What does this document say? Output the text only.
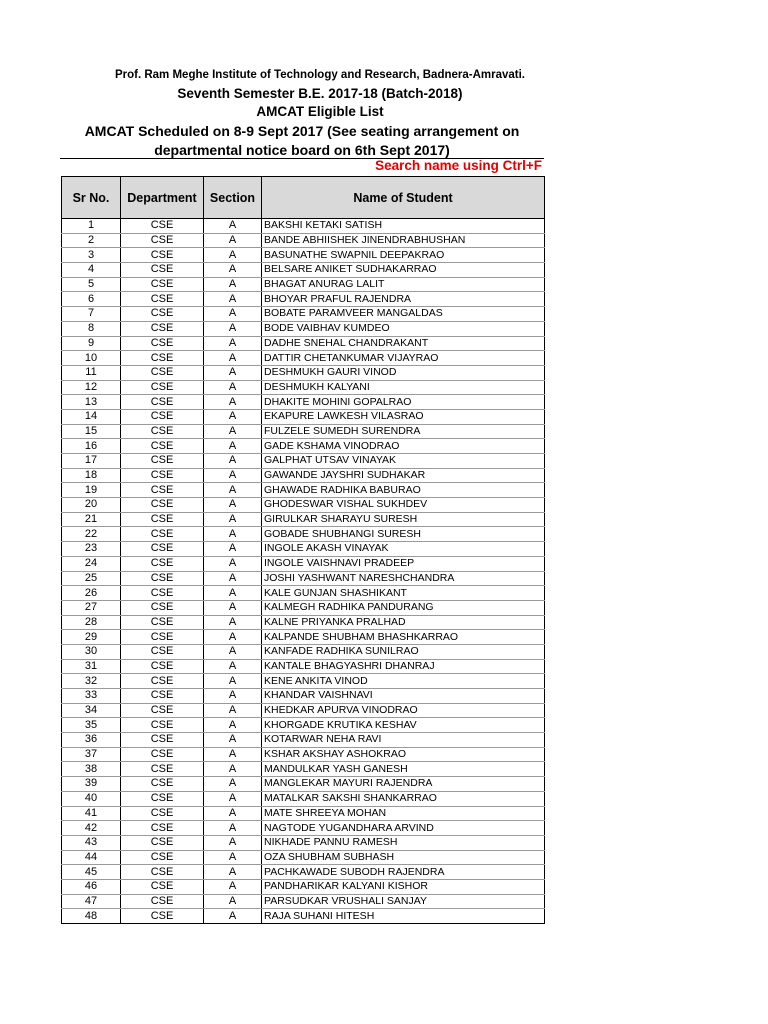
Prof. Ram Meghe Institute of Technology and Research, Badnera-Amravati.
Seventh Semester B.E. 2017-18 (Batch-2018)
AMCAT Eligible List
AMCAT Scheduled on 8-9 Sept 2017 (See seating arrangement on
departmental notice board on 6th Sept 2017)
Search name using Ctrl+F
Sr No.	Department	Section	Name of Student
1	CSE	A	BAKSHI KETAKI SATISH
2	CSE	A	BANDE ABHIISHEK JINENDRABHUSHAN
3	CSE	A	BASUNATHE SWAPNIL DEEPAKRAO
4	CSE	A	BELSARE ANIKET SUDHAKARRAO
5	CSE	A	BHAGAT ANURAG LALIT
6	CSE	A	BHOYAR PRAFUL RAJENDRA
7	CSE	A	BOBATE PARAMVEER MANGALDAS
8	CSE	A	BODE VAIBHAV KUMDEO
9	CSE	A	DADHE SNEHAL CHANDRAKANT
10	CSE	A	DATTIR CHETANKUMAR VIJAYRAO
11	CSE	A	DESHMUKH GAURI VINOD
12	CSE	A	DESHMUKH KALYANI
13	CSE	A	DHAKITE MOHINI GOPALRAO
14	CSE	A	EKAPURE LAWKESH VILASRAO
15	CSE	A	FULZELE SUMEDH SURENDRA
16	CSE	A	GADE KSHAMA VINODRAO
17	CSE	A	GALPHAT UTSAV VINAYAK
18	CSE	A	GAWANDE JAYSHRI SUDHAKAR
19	CSE	A	GHAWADE RADHIKA BABURAO
20	CSE	A	GHODESWAR VISHAL SUKHDEV
21	CSE	A	GIRULKAR SHARAYU SURESH
22	CSE	A	GOBADE SHUBHANGI SURESH
23	CSE	A	INGOLE AKASH VINAYAK
24	CSE	A	INGOLE VAISHNAVI PRADEEP
25	CSE	A	JOSHI YASHWANT NARESHCHANDRA
26	CSE	A	KALE GUNJAN SHASHIKANT
27	CSE	A	KALMEGH RADHIKA PANDURANG
28	CSE	A	KALNE PRIYANKA PRALHAD
29	CSE	A	KALPANDE SHUBHAM BHASHKARRAO
30	CSE	A	KANFADE RADHIKA SUNILRAO
31	CSE	A	KANTALE BHAGYASHRI DHANRAJ
32	CSE	A	KENE ANKITA VINOD
33	CSE	A	KHANDAR VAISHNAVI
34	CSE	A	KHEDKAR APURVA VINODRAO
35	CSE	A	KHORGADE KRUTIKA KESHAV
36	CSE	A	KOTARWAR NEHA RAVI
37	CSE	A	KSHAR AKSHAY ASHOKRAO
38	CSE	A	MANDULKAR YASH GANESH
39	CSE	A	MANGLEKAR MAYURI RAJENDRA
40	CSE	A	MATALKAR SAKSHI SHANKARRAO
41	CSE	A	MATE SHREEYA MOHAN
42	CSE	A	NAGTODE YUGANDHARA ARVIND
43	CSE	A	NIKHADE PANNU RAMESH
44	CSE	A	OZA SHUBHAM SUBHASH
45	CSE	A	PACHKAWADE SUBODH RAJENDRA
46	CSE	A	PANDHARIKAR KALYANI KISHOR
47	CSE	A	PARSUDKAR VRUSHALI SANJAY
48	CSE	A	RAJA SUHANI HITESH
